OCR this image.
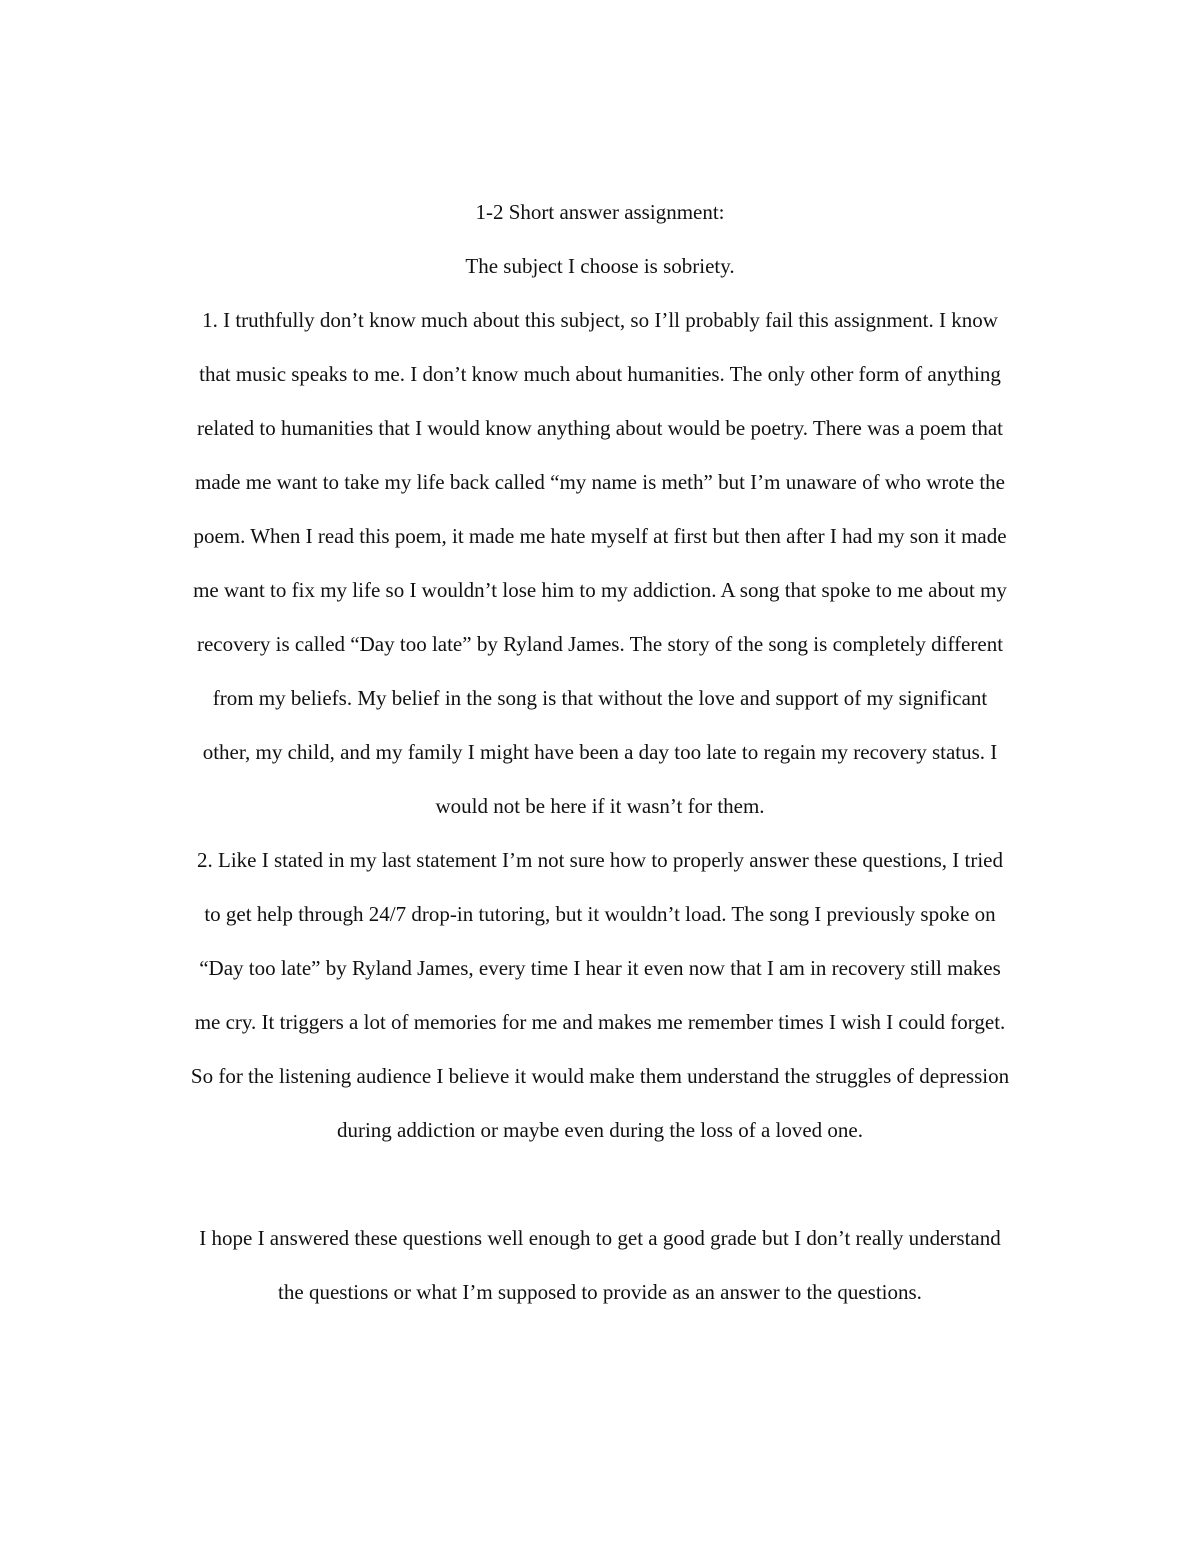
1-2 Short answer assignment:
The subject I choose is sobriety.
1. I truthfully don’t know much about this subject, so I’ll probably fail this assignment. I know
that music speaks to me. I don’t know much about humanities. The only other form of anything
related to humanities that I would know anything about would be poetry. There was a poem that
made me want to take my life back called “my name is meth” but I’m unaware of who wrote the
poem. When I read this poem, it made me hate myself at first but then after I had my son it made
me want to fix my life so I wouldn’t lose him to my addiction. A song that spoke to me about my
recovery is called “Day too late” by Ryland James. The story of the song is completely different
from my beliefs. My belief in the song is that without the love and support of my significant
other, my child, and my family I might have been a day too late to regain my recovery status. I
would not be here if it wasn’t for them.
2. Like I stated in my last statement I’m not sure how to properly answer these questions, I tried
to get help through 24/7 drop-in tutoring, but it wouldn’t load. The song I previously spoke on
“Day too late” by Ryland James, every time I hear it even now that I am in recovery still makes
me cry. It triggers a lot of memories for me and makes me remember times I wish I could forget.
So for the listening audience I believe it would make them understand the struggles of depression
during addiction or maybe even during the loss of a loved one.
I hope I answered these questions well enough to get a good grade but I don’t really understand
the questions or what I’m supposed to provide as an answer to the questions.
